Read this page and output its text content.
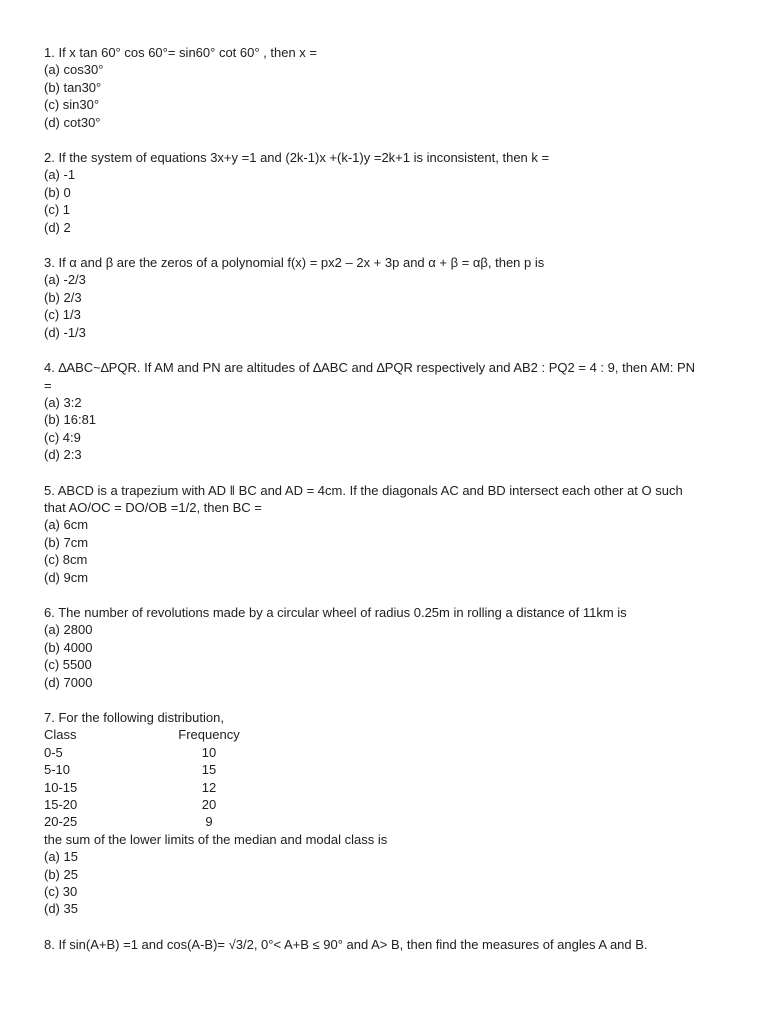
1. If x tan 60° cos 60°= sin60° cot 60° , then x =
(a) cos30°
(b) tan30°
(c) sin30°
(d) cot30°
2. If the system of equations 3x+y =1 and (2k-1)x +(k-1)y =2k+1 is inconsistent, then k =
(a) -1
(b) 0
(c) 1
(d) 2
3. If α and β are the zeros of a polynomial f(x) = px2 – 2x + 3p and α + β = αβ, then p is
(a) -2/3
(b) 2/3
(c) 1/3
(d) -1/3
4. ∆ABC~∆PQR. If AM and PN are altitudes of ∆ABC and ∆PQR respectively and AB2 : PQ2 = 4 : 9, then AM: PN
=
(a) 3:2
(b) 16:81
(c) 4:9
(d) 2:3
5. ABCD is a trapezium with AD ǁ BC and AD = 4cm. If the diagonals AC and BD intersect each other at O such
that AO/OC = DO/OB =1/2, then BC =
(a) 6cm
(b) 7cm
(c) 8cm
(d) 9cm
6. The number of revolutions made by a circular wheel of radius 0.25m in rolling a distance of 11km is
(a) 2800
(b) 4000
(c) 5500
(d) 7000
7. For the following distribution,
Class	Frequency
0-5	10
5-10	15
10-15	12
15-20	20
20-25	9
the sum of the lower limits of the median and modal class is
(a) 15
(b) 25
(c) 30
(d) 35
8. If sin(A+B) =1 and cos(A-B)= √3/2, 0°< A+B ≤ 90° and A> B, then find the measures of angles A and B.
